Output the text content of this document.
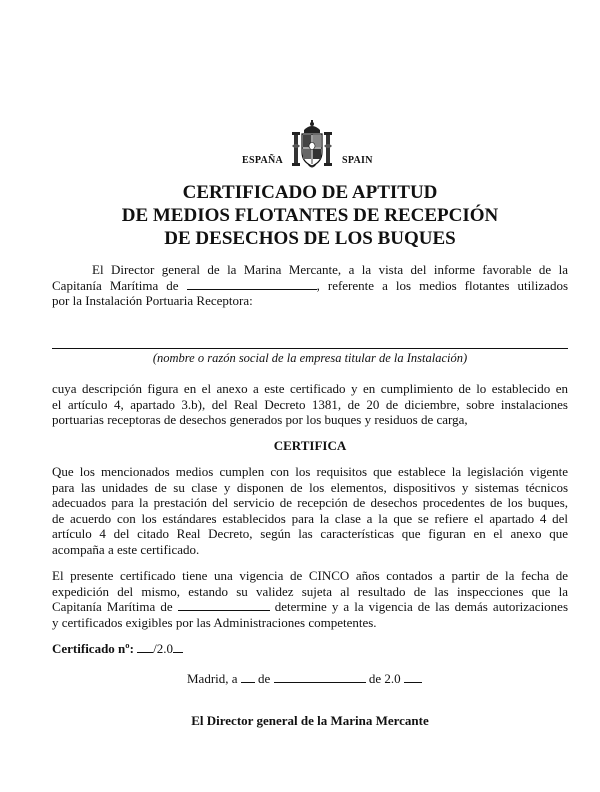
ESPAÑA	SPAIN
CERTIFICADO DE APTITUD
DE MEDIOS FLOTANTES DE RECEPCIÓN
DE DESECHOS DE LOS BUQUES
El Director general de la Marina Mercante, a la vista del informe favorable de la
Capitanía Marítima de	, referente a los medios flotantes utilizados
por la Instalación Portuaria Receptora:
(nombre o razón social de la empresa titular de la Instalación)
cuya descripción figura en el anexo a este certificado y en cumplimiento de lo establecido en
el artículo 4, apartado 3.b), del Real Decreto 1381, de 20 de diciembre, sobre instalaciones
portuarias receptoras de desechos generados por los buques y residuos de carga,
CERTIFICA
Que los mencionados medios cumplen con los requisitos que establece la legislación vigente
para las unidades de su clase y disponen de los elementos, dispositivos y sistemas técnicos
adecuados para la prestación del servicio de recepción de desechos procedentes de los buques,
de acuerdo con los estándares establecidos para la clase a la que se refiere el apartado 4 del
artículo 4 del citado Real Decreto, según las características que figuran en el anexo que
acompaña a este certificado.
El presente certificado tiene una vigencia de CINCO años contados a partir de la fecha de
expedición del mismo, estando su validez sujeta al resultado de las inspecciones que la
Capitanía Marítima de	determine y a la vigencia de las demás autorizaciones
y certificados exigibles por las Administraciones competentes.
Certificado nº: /2.0
Madrid, a de	de 2.0
El Director general de la Marina Mercante
